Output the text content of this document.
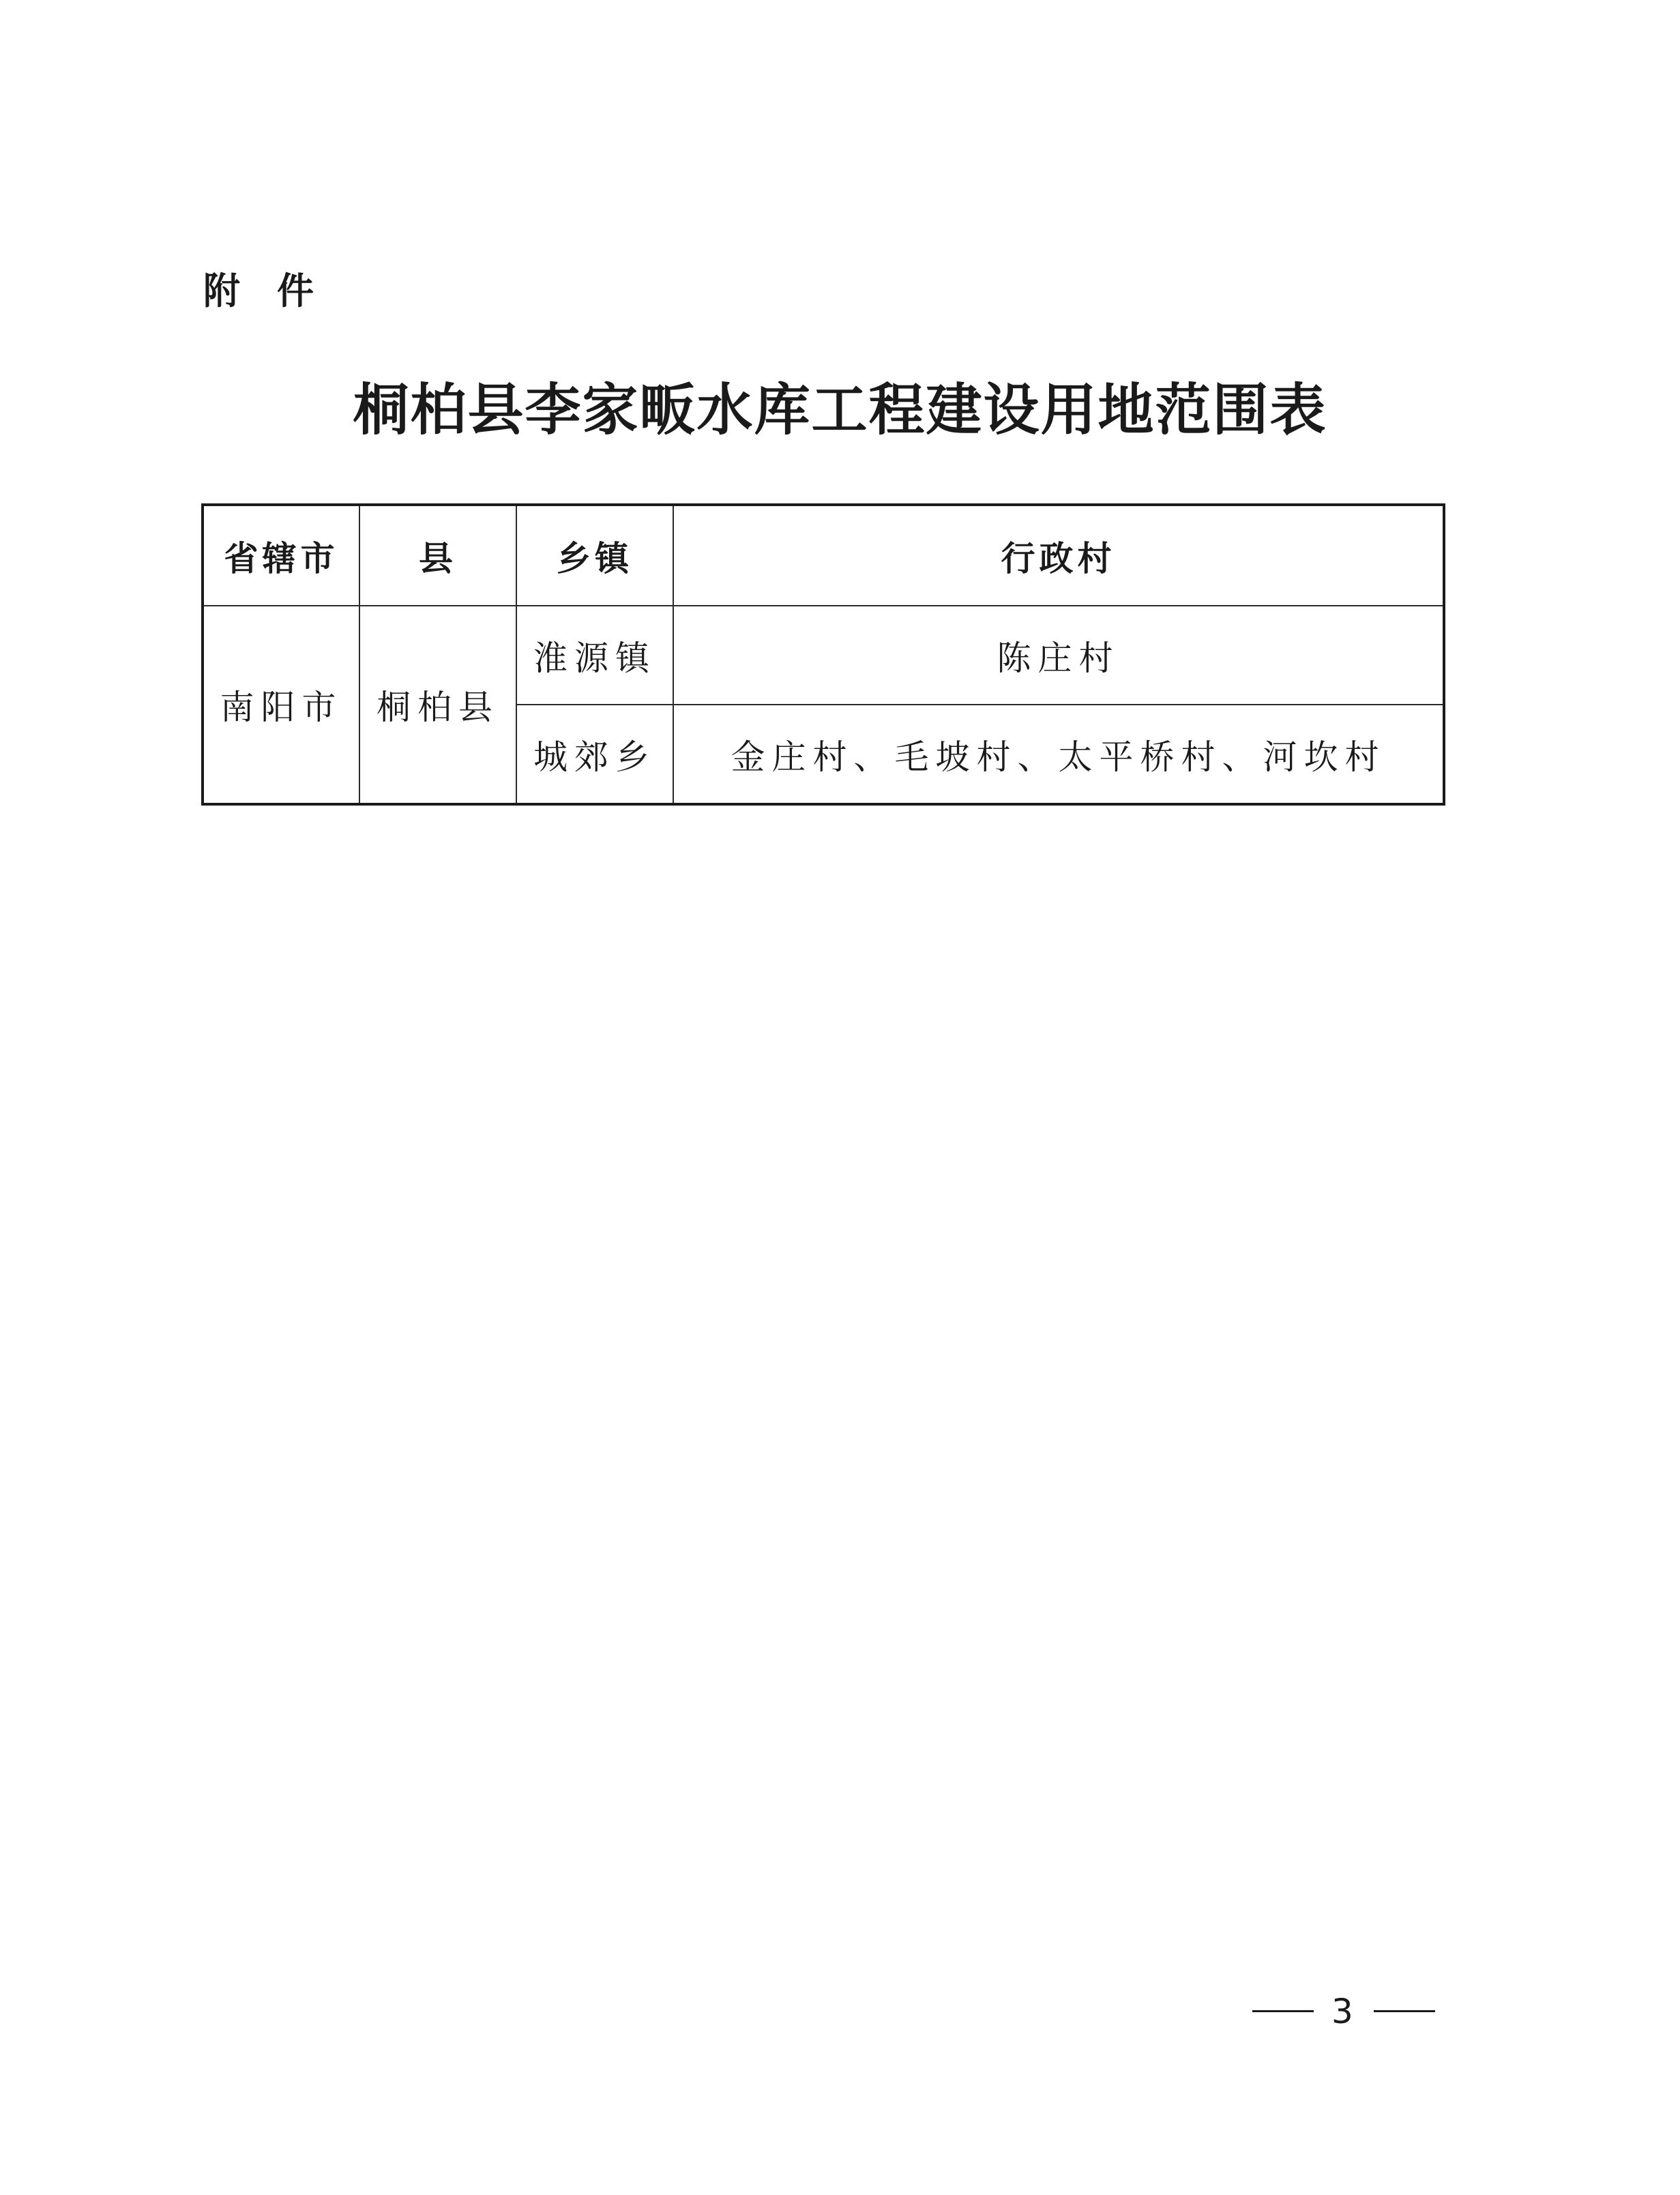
附件
桐柏县李家畈水库工程建设用地范围表
省辖市	县	乡镇	行政村
南阳市	桐柏县	淮源镇	陈庄村
		城郊乡	金庄村、毛坡村、太平桥村、河坎村
3
